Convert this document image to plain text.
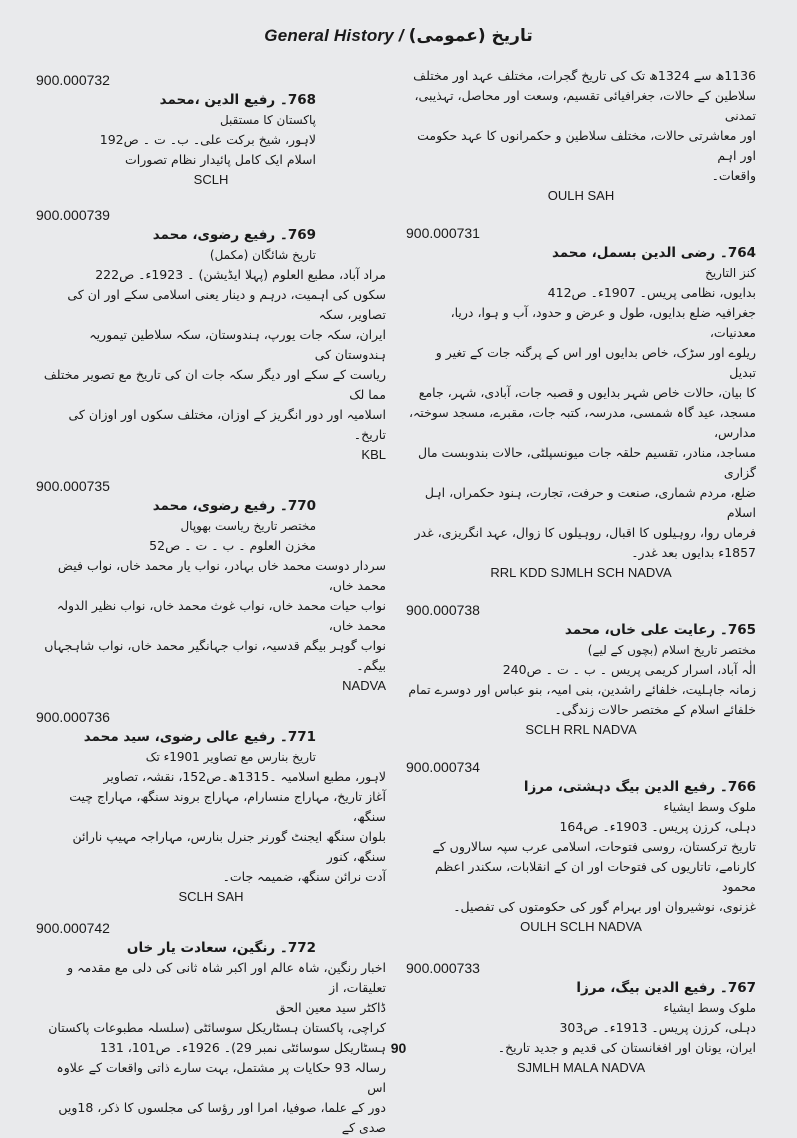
General History / تاریخ (عمومی)
900.000732
768۔ رفیع الدین ،محمد
پاکستان کا مستقبل
لاہور، شیخ برکت علی۔ ب۔ ت ۔ ص192
اسلام ایک کامل پائیدار نظام تصورات
SCLH
900.000739
769۔ رفیع رضوی، محمد
تاریخ شائگان (مکمل)
مراد آباد، مطبع العلوم (پہلا ایڈیشن) ۔ 1923ء۔ ص222
سکوں کی اہمیت، درہم و دینار یعنی اسلامی سکے اور ان کی تصاویر، سکہ
ایران، سکہ جات یورپ، ہندوستان، سکہ سلاطین تیموریہ ہندوستان کی
ریاست کے سکے اور دیگر سکہ جات ان کی تاریخ مع تصویر مختلف مما لک
اسلامیہ اور دور انگریز کے اوزان، مختلف سکوں اور اوزان کی تاریخ۔
KBL
900.000735
770۔ رفیع رضوی، محمد
مختصر تاریخ ریاست بھوپال
مخزن العلوم ۔ ب ۔ ت ۔ ص52
سردار دوست محمد خاں بہادر، نواب یار محمد خاں، نواب فیض محمد خاں،
نواب حیات محمد خاں، نواب غوث محمد خاں، نواب نظیر الدولہ محمد خاں،
نواب گوہر بیگم قدسیہ، نواب جہانگیر محمد خاں، نواب شاہجہاں بیگم۔
NADVA
900.000736
771۔ رفیع عالی رضوی، سید محمد
تاریخ بنارس مع تصاویر 1901ء تک
لاہور، مطبع اسلامیہ ۔1315ھ۔ص152، نقشہ، تصاویر
آغاز تاریخ، مہاراج منسارام، مہاراج بروند سنگھ، مہاراج چیت سنگھ،
بلوان سنگھ ایجنٹ گورنر جنرل بنارس، مہاراجہ مہیپ نارائن سنگھ، کنور
آدت نرائن سنگھ، ضمیمہ جات۔
SCLH SAH
900.000742
772۔ رنگین، سعادت یار خاں
اخبار رنگین، شاہ عالم اور اکبر شاہ ثانی کی دلی مع مقدمہ و تعلیقات، از
ڈاکٹر سید معین الحق
کراچی، پاکستان ہسٹاریکل سوسائٹی (سلسلہ مطبوعات پاکستان
ہسٹاریکل سوسائٹی نمبر 29)۔ 1926ء۔ ص101، 131
رسالہ 93 حکایات پر مشتمل، بہت سارے ذاتی واقعات کے علاوہ اس
دور کے علما، صوفیا، امرا اور رؤسا کی مجلسوں کا ذکر، 18ویں صدی کے
1136ھ سے 1324ھ تک کی تاریخ گجرات، مختلف عہد اور مختلف
سلاطین کے حالات، جغرافیائی تقسیم، وسعت اور محاصل، تہذیبی، تمدنی
اور معاشرتی حالات، مختلف سلاطین و حکمرانوں کا عہد حکومت اور اہم
واقعات۔
OULH SAH
900.000731
764۔ رضی الدین بسمل، محمد
کنز التاریخ
بدایوں، نظامی پریس۔ 1907ء۔ ص412
جغرافیہ ضلع بدایوں، طول و عرض و حدود، آب و ہوا، دریا، معدنیات،
ریلوے اور سڑک، خاص بدایوں اور اس کے پرگنہ جات کے تغیر و تبدیل
کا بیان، حالات خاص شہر بدایوں و قصبہ جات، آبادی، شہر، جامع
مسجد، عید گاہ شمسی، مدرسہ، کتبہ جات، مقبرے، مسجد سوختہ، مدارس،
مساجد، منادر، تقسیم حلقہ جات میونسپلٹی، حالات بندوبست مال گزاری
ضلع، مردم شماری، صنعت و حرفت، تجارت، ہنود حکمراں، اہل اسلام
فرماں روا، روہیلوں کا اقبال، روہیلوں کا زوال، عہد انگریزی، غدر
1857ء بدایوں بعد غدر۔
RRL KDD SJMLH SCH NADVA
900.000738
765۔ رعایت علی خاں، محمد
مختصر تاریخ اسلام (بچوں کے لیے)
الٰہ آباد، اسرار کریمی پریس ۔ ب ۔ ت ۔ ص240
زمانہ جاہلیت، خلفائے راشدین، بنی امیہ، بنو عباس اور دوسرے تمام
خلفائے اسلام کے مختصر حالات زندگی۔
SCLH RRL NADVA
900.000734
766۔ رفیع الدین بیگ دہشتی، مرزا
ملوک وسط ایشیاء
دہلی، کرزن پریس۔ 1903ء۔ ص164
تاریخ ترکستان، روسی فتوحات، اسلامی عرب سپہ سالاروں کے
کارنامے، تاتاریوں کی فتوحات اور ان کے انقلابات، سکندر اعظم محمود
غزنوی، نوشیروان اور بہرام گور کی حکومتوں کی تفصیل۔
OULH SCLH NADVA
900.000733
767۔ رفیع الدین بیگ، مرزا
ملوک وسط ایشیاء
دہلی، کرزن پریس۔ 1913ء۔ ص303
ایران، یونان اور افغانستان کی قدیم و جدید تاریخ۔
SJMLH MALA NADVA
90
